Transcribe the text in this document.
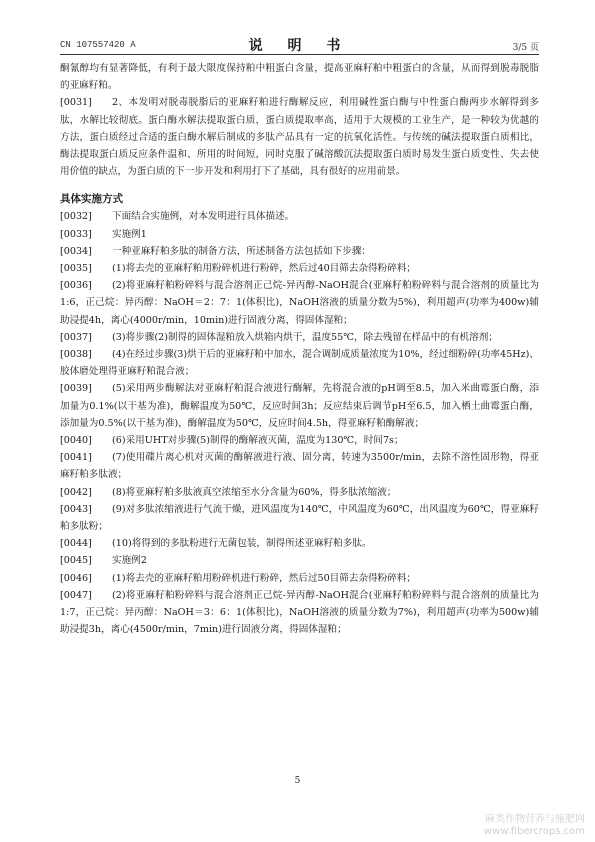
CN 107557420 A	说 明 书	3/5 页

酮氰醇均有显著降低，有利于最大限度保持粕中粗蛋白含量，提高亚麻籽粕中粗蛋白的含量，从而得到脱毒脱脂的亚麻籽粕。

[0031] 2、本发明对脱毒脱脂后的亚麻籽粕进行酶解反应，利用碱性蛋白酶与中性蛋白酶两步水解得到多肽，水解比较彻底。蛋白酶水解法提取蛋白质，蛋白质提取率高，适用于大规模的工业生产，是一种较为优越的方法，蛋白质经过合适的蛋白酶水解后制成的多肽产品具有一定的抗氧化活性。与传统的碱法提取蛋白质相比，酶法提取蛋白质反应条件温和、所用的时间短，同时克服了碱溶酸沉法提取蛋白质时易发生蛋白质变性、失去使用价值的缺点，为蛋白质的下一步开发和利用打下了基础，具有很好的应用前景。

具体实施方式

[0032] 下面结合实施例，对本发明进行具体描述。

[0033] 实施例1

[0034] 一种亚麻籽粕多肽的制备方法，所述制备方法包括如下步骤：

[0035] (1)将去壳的亚麻籽粕用粉碎机进行粉碎，然后过40目筛去杂得粉碎料；

[0036] (2)将亚麻籽粕粉碎料与混合溶剂正己烷-异丙醇-NaOH混合(亚麻籽粕粉碎料与混合溶剂的质量比为1:6，正己烷：异丙醇：NaOH＝2：7：1(体积比)，NaOH溶液的质量分数为5%)，利用超声(功率为400w)辅助浸提4h，离心(4000r/min，10min)进行固液分离，得固体湿粕；

[0037] (3)将步骤(2)制得的固体湿粕放入烘箱内烘干，温度55℃，除去残留在样品中的有机溶剂；

[0038] (4)在经过步骤(3)烘干后的亚麻籽粕中加水，混合调制成质量浓度为10%，经过细粉碎(功率45Hz)、胶体磨处理得亚麻籽粕混合液；

[0039] (5)采用两步酶解法对亚麻籽粕混合液进行酶解，先将混合液的pH调至8.5，加入米曲霉蛋白酶，添加量为0.1%(以干基为准)，酶解温度为50℃，反应时间3h；反应结束后调节pH至6.5，加入栖土曲霉蛋白酶，添加量为0.5%(以干基为准)，酶解温度为50℃，反应时间4.5h，得亚麻籽粕酶解液；

[0040] (6)采用UHT对步骤(5)制得的酶解液灭菌，温度为130℃，时间7s；

[0041] (7)使用碟片离心机对灭菌的酶解液进行液、固分离，转速为3500r/min，去除不溶性固形物，得亚麻籽粕多肽液；

[0042] (8)将亚麻籽粕多肽液真空浓缩至水分含量为60%，得多肽浓缩液；

[0043] (9)对多肽浓缩液进行气流干燥，进风温度为140℃，中风温度为60℃，出风温度为60℃，得亚麻籽粕多肽粉；

[0044] (10)将得到的多肽粉进行无菌包装，制得所述亚麻籽粕多肽。

[0045] 实施例2

[0046] (1)将去壳的亚麻籽粕用粉碎机进行粉碎，然后过50目筛去杂得粉碎料；

[0047] (2)将亚麻籽粕粉碎料与混合溶剂正己烷-异丙醇-NaOH混合(亚麻籽粕粉碎料与混合溶剂的质量比为1:7，正己烷：异丙醇：NaOH＝3：6：1(体积比)，NaOH溶液的质量分数为7%)，利用超声(功率为500w)辅助浸提3h，离心(4500r/min，7min)进行固液分离，得固体湿粕；

5
麻类作物营养与施肥网
www.fibercrops.com
